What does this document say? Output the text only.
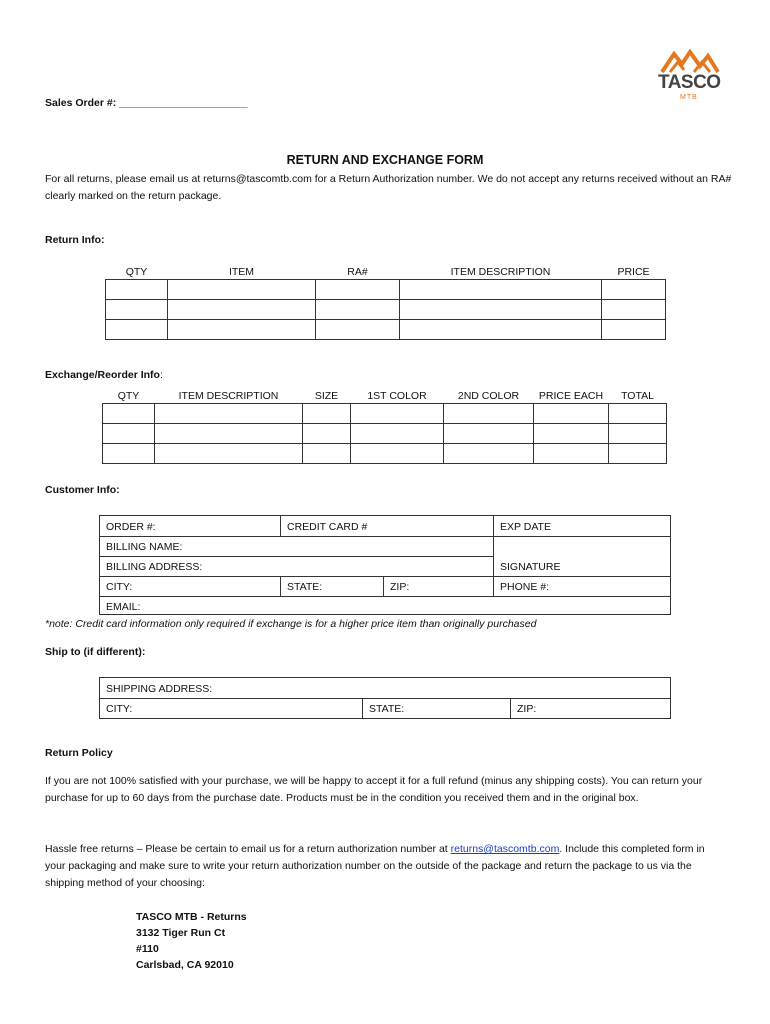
TASCO
MTB
Sales Order #: ______________________
RETURN AND EXCHANGE FORM
For all returns, please email us at returns@tascomtb.com for a Return Authorization number. We do not accept any returns received without an RA# clearly marked on the return package.
Return Info:
QTY	ITEM	RA#	ITEM DESCRIPTION	PRICE

Exchange/Reorder Info:
QTY	ITEM DESCRIPTION	SIZE	1ST COLOR	2ND COLOR	PRICE EACH	TOTAL

Customer Info:
ORDER #:	CREDIT CARD #	EXP DATE
BILLING NAME:
BILLING ADDRESS:	SIGNATURE
CITY:	STATE:	ZIP:	PHONE #:
EMAIL:
*note: Credit card information only required if exchange is for a higher price item than originally purchased
Ship to (if different):
SHIPPING ADDRESS:
CITY:	STATE:	ZIP:
Return Policy
If you are not 100% satisfied with your purchase, we will be happy to accept it for a full refund (minus any shipping costs). You can return your purchase for up to 60 days from the purchase date. Products must be in the condition you received them and in the original box.
Hassle free returns – Please be certain to email us for a return authorization number at returns@tascomtb.com. Include this completed form in your packaging and make sure to write your return authorization number on the outside of the package and return the package to us via the shipping method of your choosing:
TASCO MTB - Returns
3132 Tiger Run Ct
#110
Carlsbad, CA 92010
